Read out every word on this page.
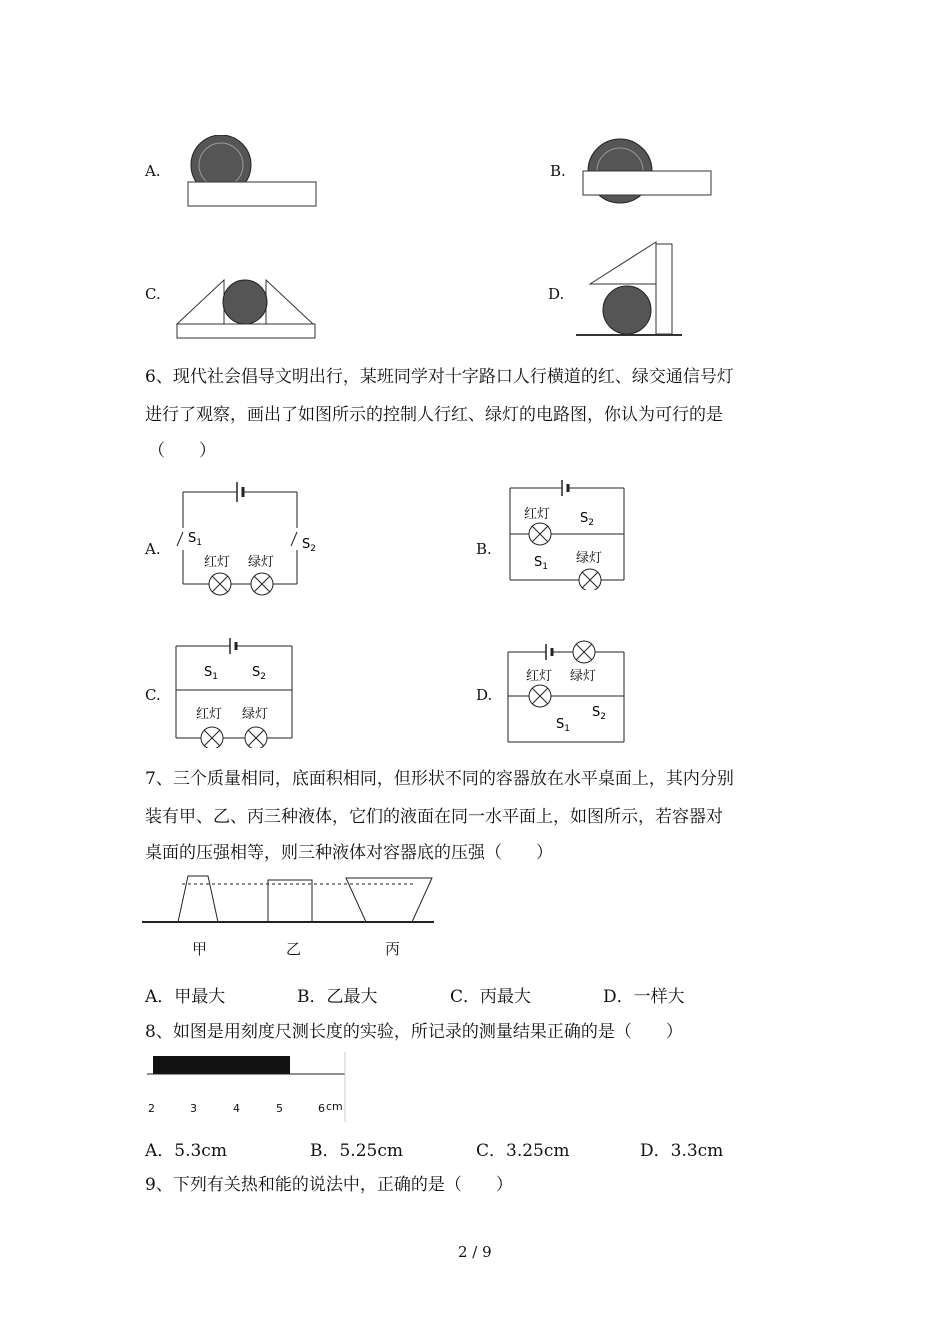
A.	B.
C.	D.
6、现代社会倡导文明出行，某班同学对十字路口人行横道的红、绿交通信号灯
进行了观察，画出了如图所示的控制人行红、绿灯的电路图，你认为可行的是
（　　）
A.
$S_1$	$S_2$
红灯 绿灯
B.
红灯 $S_2$
$S_1$
绿灯
C.
$S_1$	$S_2$
红灯 绿灯
D.
红灯 绿灯
$S_2$
$S_1$
7、三个质量相同，底面积相同，但形状不同的容器放在水平桌面上，其内分别
装有甲、乙、丙三种液体，它们的液面在同一水平面上，如图所示，若容器对
桌面的压强相等，则三种液体对容器底的压强（　　）
甲	乙	丙
A．甲最大	B．乙最大	C．丙最大	D．一样大
8、如图是用刻度尺测长度的实验，所记录的测量结果正确的是（　　）
2	3	4	5	6 cm
A．5.3cm	B．5.25cm	C．3.25cm	D．3.3cm
9、下列有关热和能的说法中，正确的是（　　）
2 / 9
